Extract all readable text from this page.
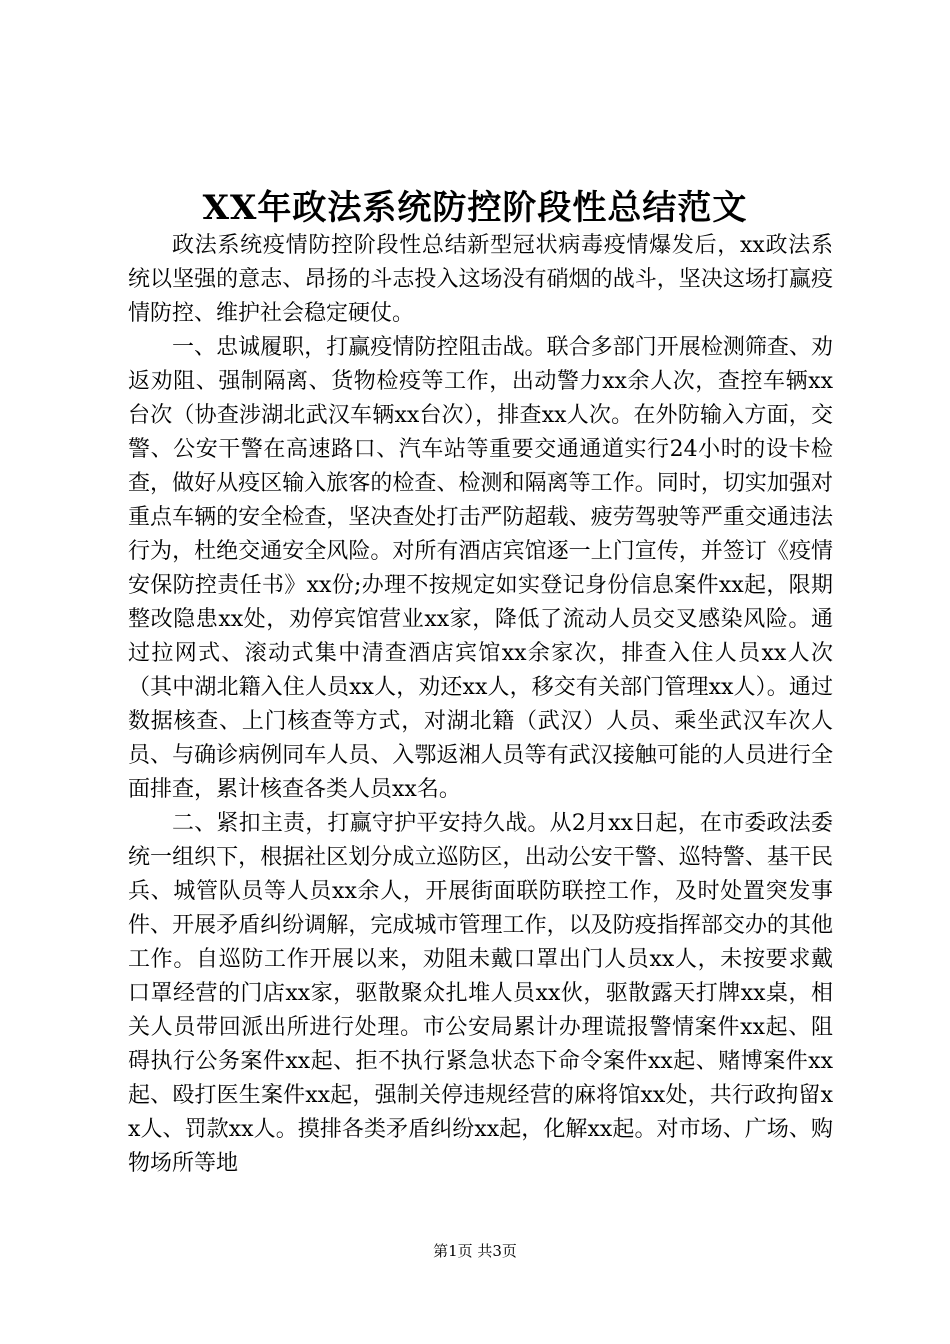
XX年政法系统防控阶段性总结范文

政法系统疫情防控阶段性总结新型冠状病毒疫情爆发后，xx政法系统以坚强的意志、昂扬的斗志投入这场没有硝烟的战斗，坚决这场打赢疫情防控、维护社会稳定硬仗。

一、忠诚履职，打赢疫情防控阻击战。联合多部门开展检测筛查、劝返劝阻、强制隔离、货物检疫等工作，出动警力xx余人次，查控车辆xx台次（协查涉湖北武汉车辆xx台次），排查xx人次。在外防输入方面，交警、公安干警在高速路口、汽车站等重要交通通道实行24小时的设卡检查，做好从疫区输入旅客的检查、检测和隔离等工作。同时，切实加强对重点车辆的安全检查，坚决查处打击严防超载、疲劳驾驶等严重交通违法行为，杜绝交通安全风险。对所有酒店宾馆逐一上门宣传，并签订《疫情安保防控责任书》xx份;办理不按规定如实登记身份信息案件xx起，限期整改隐患xx处，劝停宾馆营业xx家，降低了流动人员交叉感染风险。通过拉网式、滚动式集中清查酒店宾馆xx余家次，排查入住人员xx人次（其中湖北籍入住人员xx人，劝还xx人，移交有关部门管理xx人）。通过数据核查、上门核查等方式，对湖北籍（武汉）人员、乘坐武汉车次人员、与确诊病例同车人员、入鄂返湘人员等有武汉接触可能的人员进行全面排查，累计核查各类人员xx名。

二、紧扣主责，打赢守护平安持久战。从2月xx日起，在市委政法委统一组织下，根据社区划分成立巡防区，出动公安干警、巡特警、基干民兵、城管队员等人员xx余人，开展街面联防联控工作，及时处置突发事件、开展矛盾纠纷调解，完成城市管理工作，以及防疫指挥部交办的其他工作。自巡防工作开展以来，劝阻未戴口罩出门人员xx人，未按要求戴口罩经营的门店xx家，驱散聚众扎堆人员xx伙，驱散露天打牌xx桌，相关人员带回派出所进行处理。市公安局累计办理谎报警情案件xx起、阻碍执行公务案件xx起、拒不执行紧急状态下命令案件xx起、赌博案件xx起、殴打医生案件xx起，强制关停违规经营的麻将馆xx处，共行政拘留xx人、罚款xx人。摸排各类矛盾纠纷xx起，化解xx起。对市场、广场、购物场所等地

第1页 共3页
